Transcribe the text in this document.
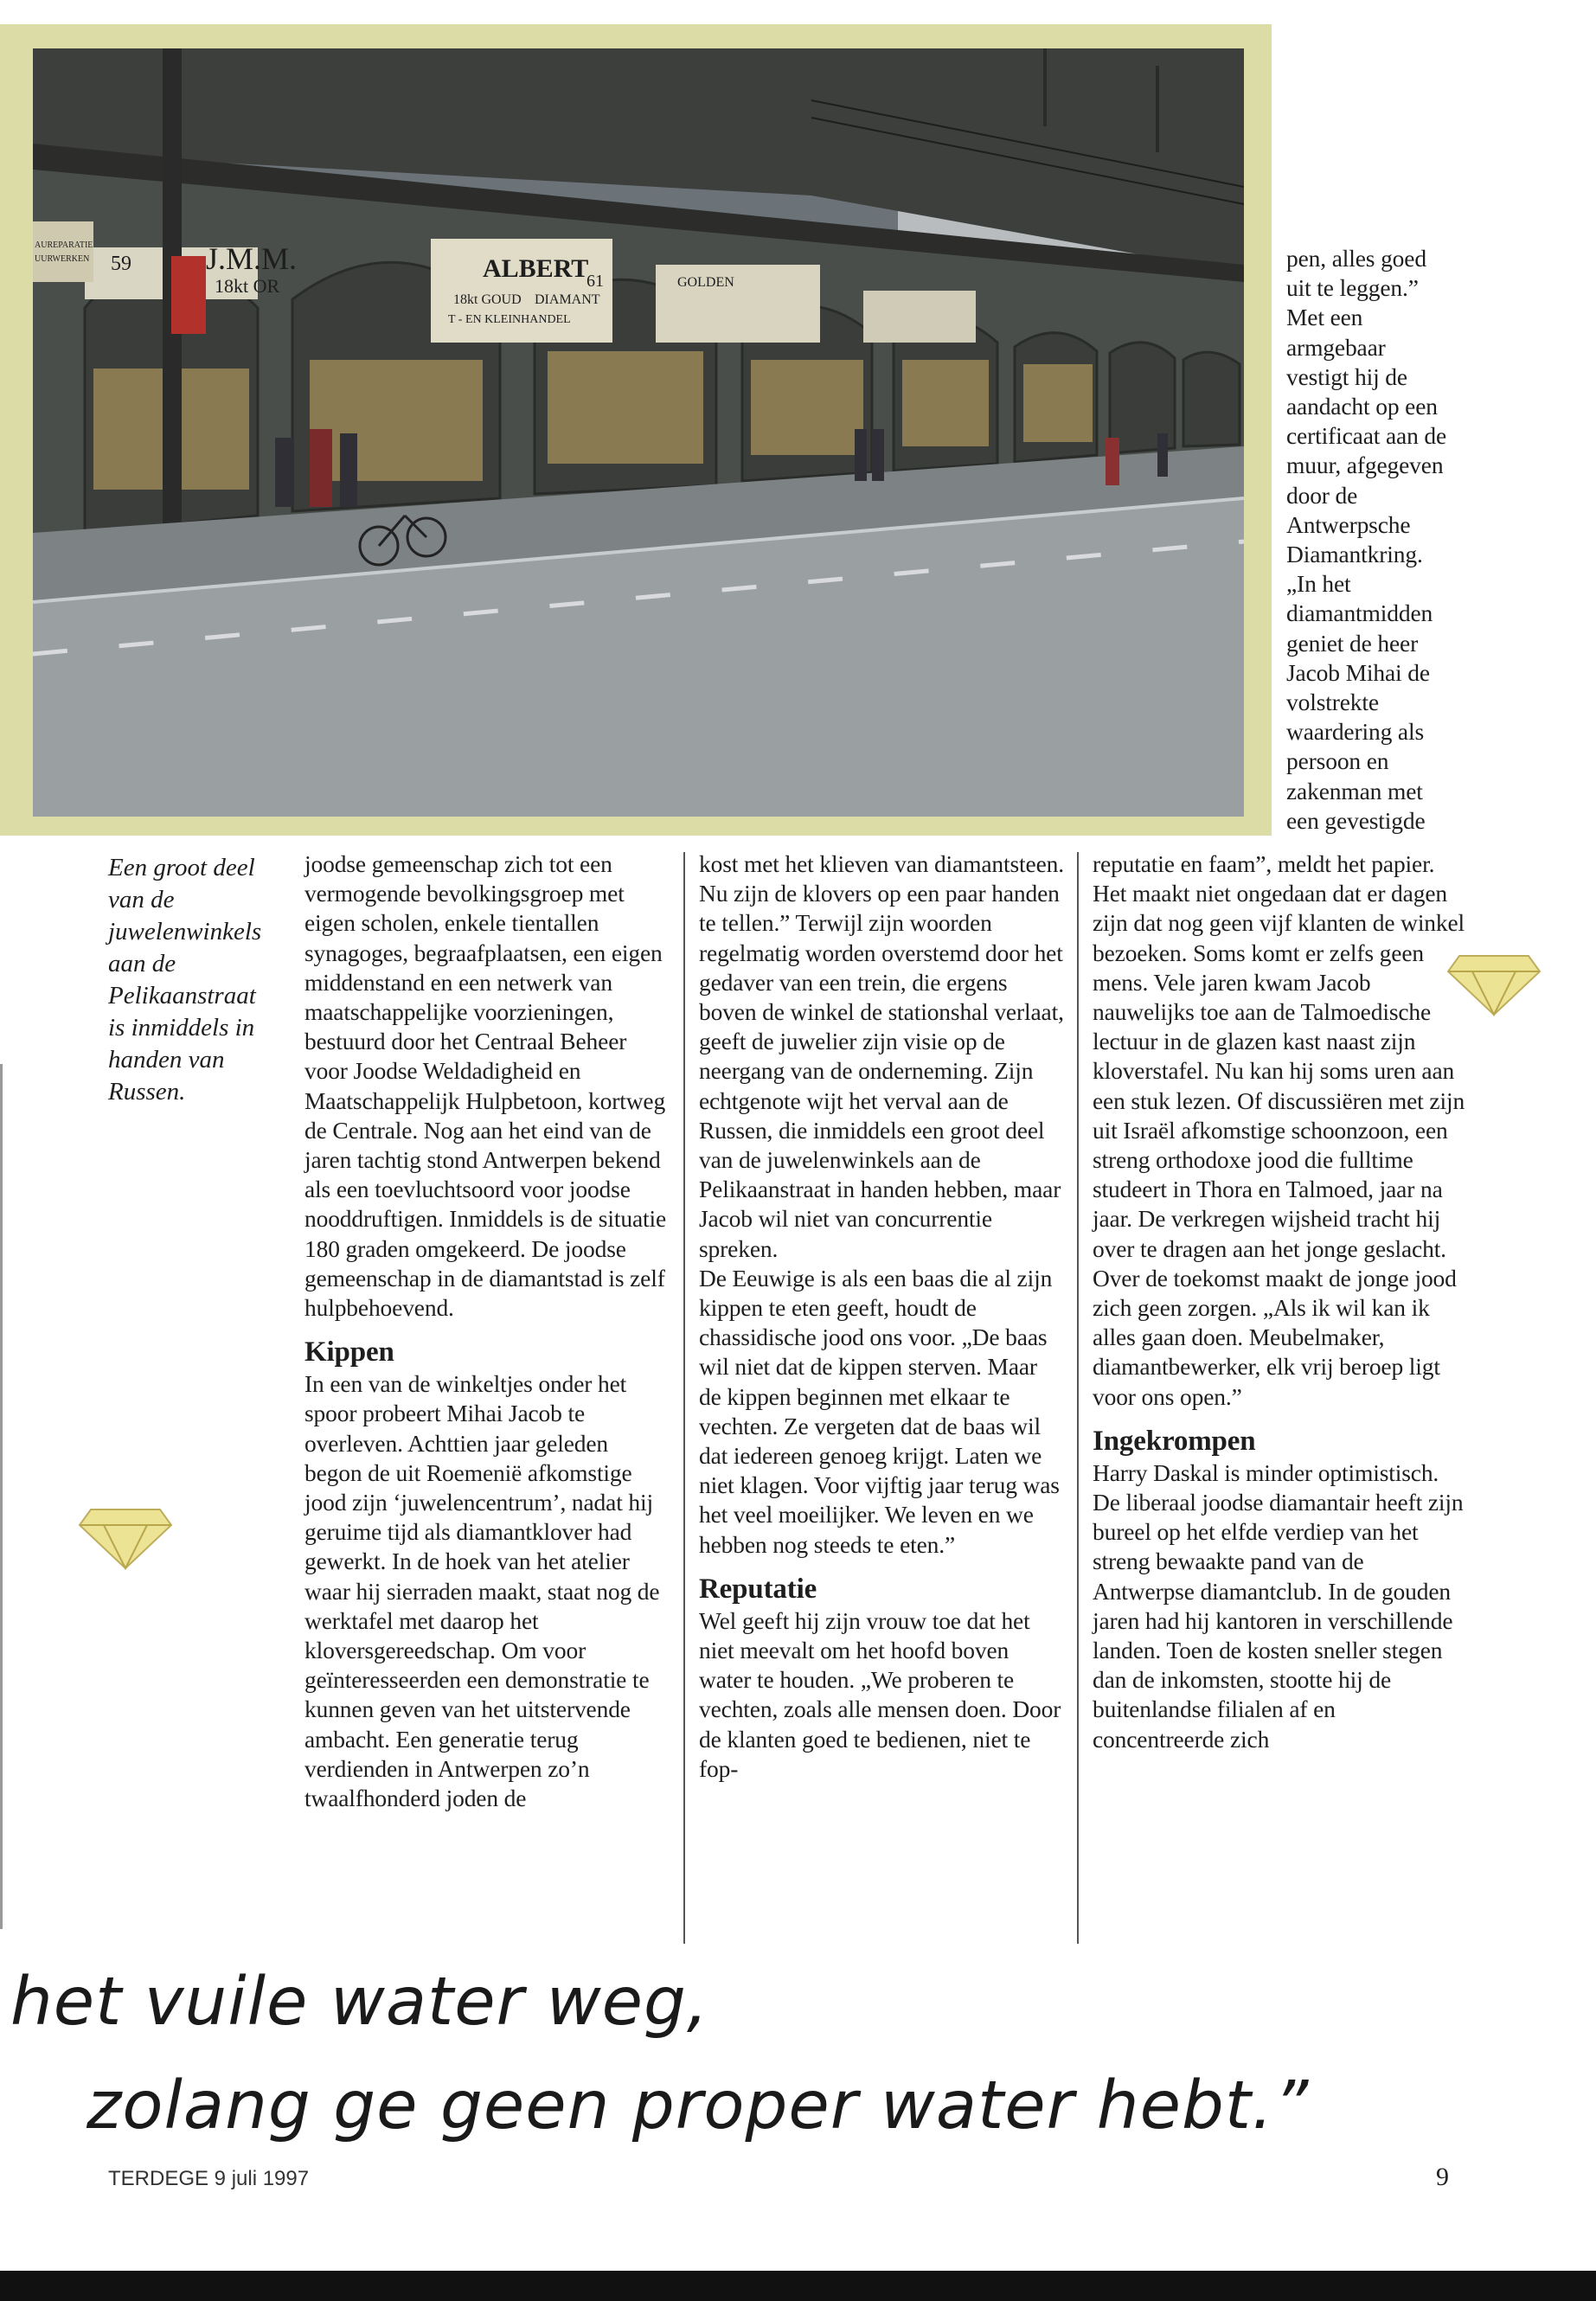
J.M.M.
18kt OR
59	ALBERT
61
18kt GOUD DIAMANT
T - EN KLEINHANDEL
GOLDEN
AUREPARATIE
UURWERKEN	pen, alles goed uit te leggen.” Met een armgebaar vestigt hij de aandacht op een certificaat aan de muur, afgegeven door de Antwerpsche Diamantkring. „In het diamantmidden geniet de heer Jacob Mihai de volstrekte waardering als persoon en zakenman met een gevestigde

Een groot deel van de juwelenwinkels aan de Pelikaanstraat is inmiddels in handen van Russen.

joodse gemeenschap zich tot een vermogende bevolkingsgroep met eigen scholen, enkele tientallen synagoges, begraafplaatsen, een eigen middenstand en een netwerk van maatschappelijke voorzieningen, bestuurd door het Centraal Beheer voor Joodse Weldadigheid en Maatschappelijk Hulpbetoon, kortweg de Centrale. Nog aan het eind van de jaren tachtig stond Antwerpen bekend als een toevluchtsoord voor joodse nooddruftigen. Inmiddels is de situatie 180 graden omgekeerd. De joodse gemeenschap in de diamantstad is zelf hulpbehoevend.

Kippen

In een van de winkeltjes onder het spoor probeert Mihai Jacob te overleven. Achttien jaar geleden begon de uit Roemenië afkomstige jood zijn ‘juwelencentrum’, nadat hij geruime tijd als diamantklover had gewerkt. In de hoek van het atelier waar hij sierraden maakt, staat nog de werktafel met daarop het kloversgereedschap. Om voor geïnteresseerden een demonstratie te kunnen geven van het uitstervende ambacht. Een generatie terug verdienden in Antwerpen zo’n twaalfhonderd joden de

kost met het klieven van diamantsteen. Nu zijn de klovers op een paar handen te tellen.” Terwijl zijn woorden regelmatig worden overstemd door het gedaver van een trein, die ergens boven de winkel de stationshal verlaat, geeft de juwelier zijn visie op de neergang van de onderneming. Zijn echtgenote wijt het verval aan de Russen, die inmiddels een groot deel van de juwelenwinkels aan de Pelikaanstraat in handen hebben, maar Jacob wil niet van concurrentie spreken.

De Eeuwige is als een baas die al zijn kippen te eten geeft, houdt de chassidische jood ons voor. „De baas wil niet dat de kippen sterven. Maar de kippen beginnen met elkaar te vechten. Ze vergeten dat de baas wil dat iedereen genoeg krijgt. Laten we niet klagen. Voor vijftig jaar terug was het veel moeilijker. We leven en we hebben nog steeds te eten.”

Reputatie

Wel geeft hij zijn vrouw toe dat het niet meevalt om het hoofd boven water te houden. „We proberen te vechten, zoals alle mensen doen. Door de klanten goed te bedienen, niet te fop-

reputatie en faam”, meldt het papier.

Het maakt niet ongedaan dat er dagen zijn dat nog geen vijf klanten de winkel bezoeken. Soms komt er zelfs geen mens. Vele jaren kwam Jacob nauwelijks toe aan de Talmoedische lectuur in de glazen kast naast zijn kloverstafel. Nu kan hij soms uren aan een stuk lezen. Of discussiëren met zijn uit Israël afkomstige schoonzoon, een streng orthodoxe jood die fulltime studeert in Thora en Talmoed, jaar na jaar. De verkregen wijsheid tracht hij over te dragen aan het jonge geslacht. Over de toekomst maakt de jonge jood zich geen zorgen. „Als ik wil kan ik alles gaan doen. Meubelmaker, diamantbewerker, elk vrij beroep ligt voor ons open.”

Ingekrompen

Harry Daskal is minder optimistisch. De liberaal joodse diamantair heeft zijn bureel op het elfde verdiep van het streng bewaakte pand van de Antwerpse diamantclub. In de gouden jaren had hij kantoren in verschillende landen. Toen de kosten sneller stegen dan de inkomsten, stootte hij de buitenlandse filialen af en concentreerde zich

het vuile water weg,
zolang ge geen proper water hebt.”
TERDEGE 9 juli 1997	9
